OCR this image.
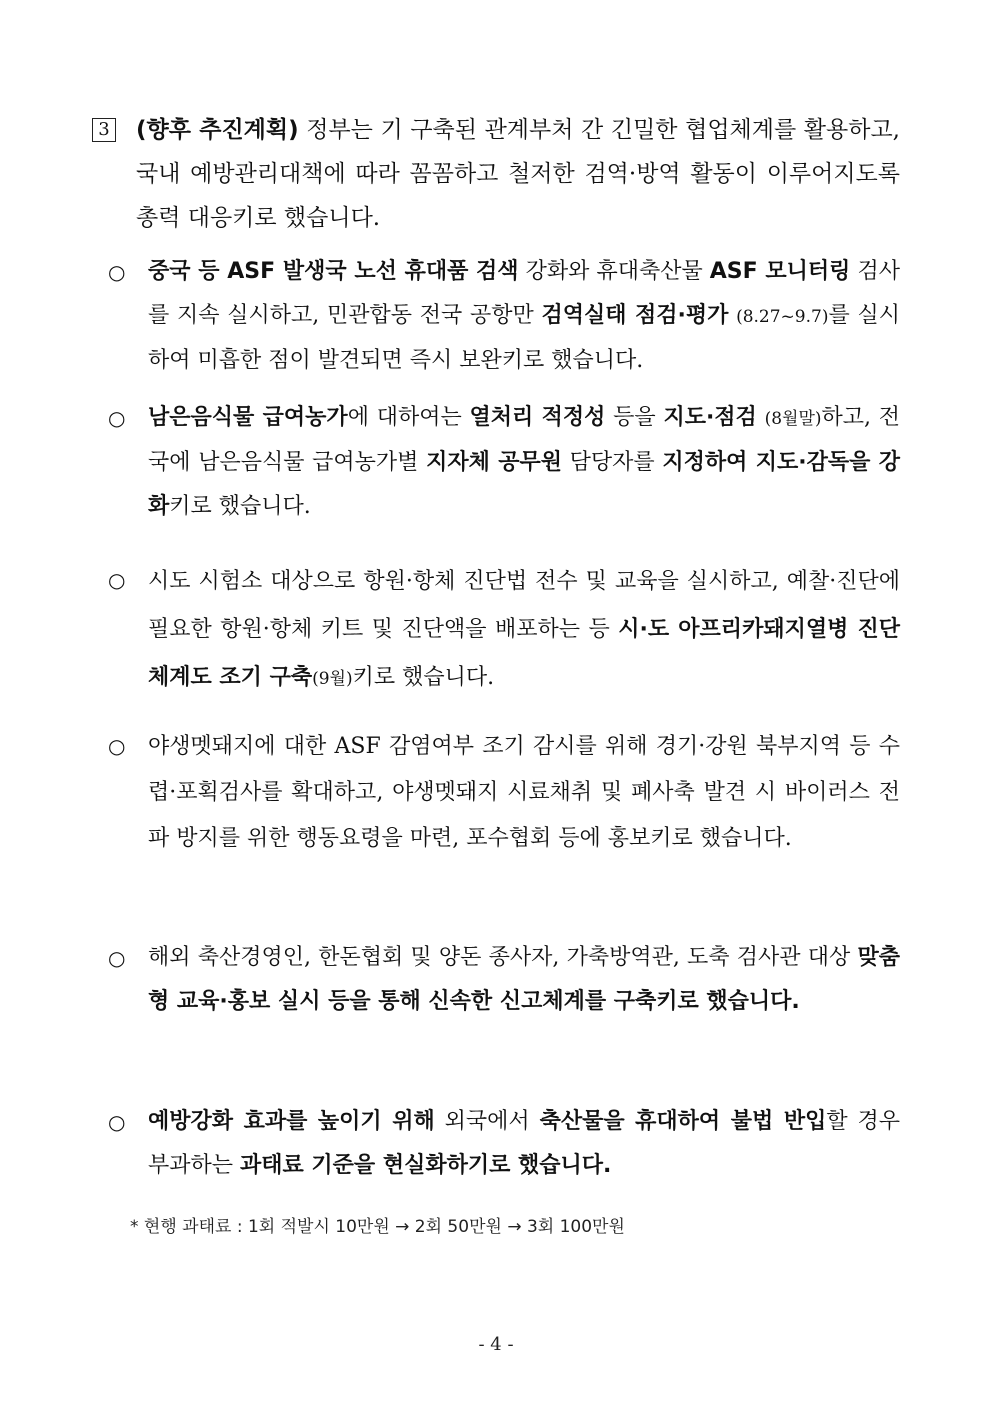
3 (향후 추진계획) 정부는 기 구축된 관계부처 간 긴밀한 협업체계를 활용하고, 국내 예방관리대책에 따라 꼼꼼하고 철저한 검역·방역 활동이 이루어지도록 총력 대응키로 했습니다.
○ 중국 등 ASF 발생국 노선 휴대품 검색 강화와 휴대축산물 ASF 모니터링 검사를 지속 실시하고, 민관합동 전국 공항만 검역실태 점검·평가 (8.27~9.7)를 실시하여 미흡한 점이 발견되면 즉시 보완키로 했습니다.
○ 남은음식물 급여농가에 대하여는 열처리 적정성 등을 지도·점검 (8월말)하고, 전국에 남은음식물 급여농가별 지자체 공무원 담당자를 지정하여 지도·감독을 강화키로 했습니다.
○ 시도 시험소 대상으로 항원·항체 진단법 전수 및 교육을 실시하고, 예찰·진단에 필요한 항원·항체 키트 및 진단액을 배포하는 등 시·도 아프리카돼지열병 진단체계도 조기 구축(9월)키로 했습니다.
○ 야생멧돼지에 대한 ASF 감염여부 조기 감시를 위해 경기·강원 북부지역 등 수렵·포획검사를 확대하고, 야생멧돼지 시료채취 및 폐사축 발견 시 바이러스 전파 방지를 위한 행동요령을 마련, 포수협회 등에 홍보키로 했습니다.
○ 해외 축산경영인, 한돈협회 및 양돈 종사자, 가축방역관, 도축 검사관 대상 맞춤형 교육·홍보 실시 등을 통해 신속한 신고체계를 구축키로 했습니다.
○ 예방강화 효과를 높이기 위해 외국에서 축산물을 휴대하여 불법 반입할 경우 부과하는 과태료 기준을 현실화하기로 했습니다.
* 현행 과태료 : 1회 적발시 10만원 → 2회 50만원 → 3회 100만원
- 4 -
